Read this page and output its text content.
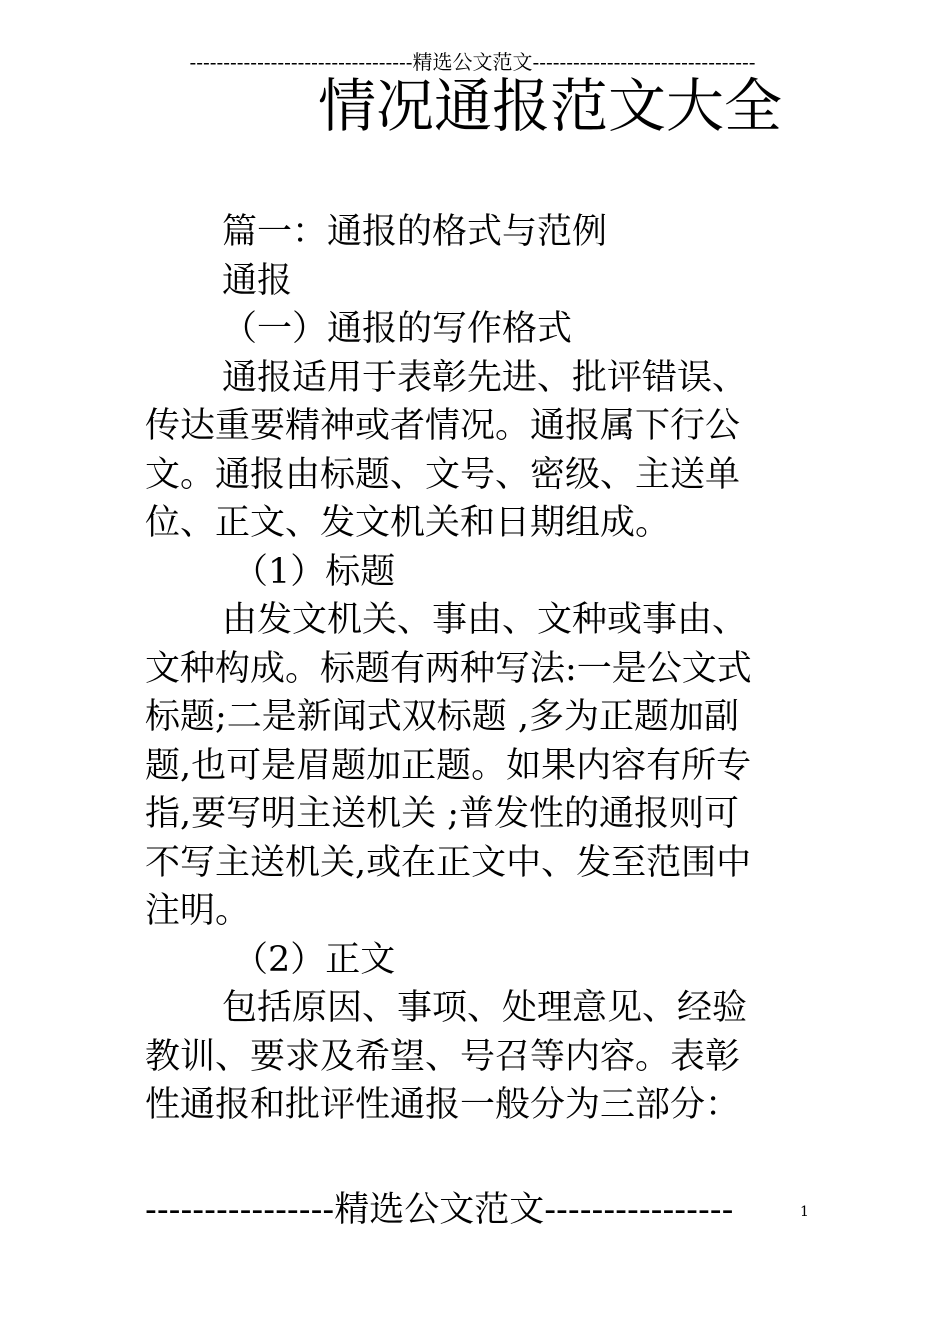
---------------------------------精选公文范文---------------------------------
情况通报范文大全
篇一：通报的格式与范例
通报
（一）通报的写作格式
通报适用于表彰先进、批评错误、
传达重要精神或者情况。通报属下行公
文。通报由标题、文号、密级、主送单
位、正文、发文机关和日期组成。
（1）标题
由发文机关、事由、文种或事由、
文种构成。标题有两种写法:一是公文式
标题;二是新闻式双标题 ,多为正题加副
题,也可是眉题加正题。如果内容有所专
指,要写明主送机关 ;普发性的通报则可
不写主送机关,或在正文中、发至范围中
注明。
（2）正文
包括原因、事项、处理意见、经验
教训、要求及希望、号召等内容。表彰
性通报和批评性通报一般分为三部分：
----------------精选公文范文----------------	1
